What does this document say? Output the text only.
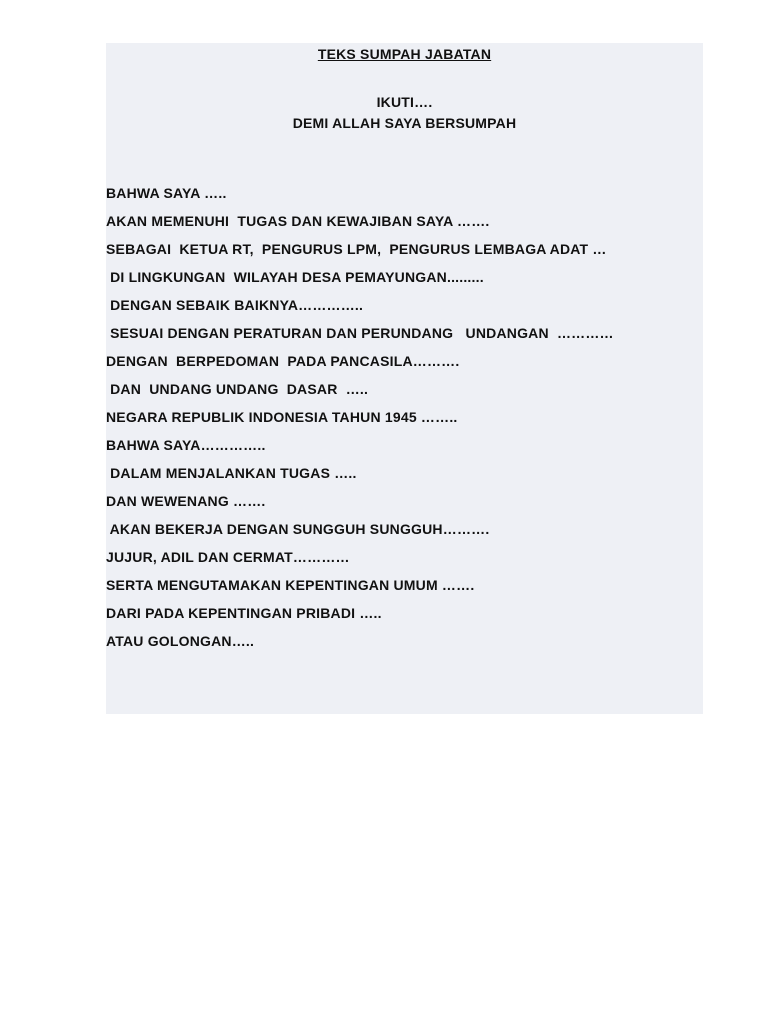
TEKS SUMPAH JABATAN
IKUTI….
DEMI ALLAH SAYA BERSUMPAH
BAHWA SAYA …..
AKAN MEMENUHI  TUGAS DAN KEWAJIBAN SAYA …….
SEBAGAI  KETUA RT,  PENGURUS LPM,  PENGURUS LEMBAGA ADAT …
DI LINGKUNGAN  WILAYAH DESA PEMAYUNGAN.........
DENGAN SEBAIK BAIKNYA…………..
SESUAI DENGAN PERATURAN DAN PERUNDANG   UNDANGAN  …………
DENGAN  BERPEDOMAN  PADA PANCASILA……….
DAN  UNDANG UNDANG  DASAR  …..
NEGARA REPUBLIK INDONESIA TAHUN 1945 ……..
BAHWA SAYA…………..
DALAM MENJALANKAN TUGAS …..
DAN WEWENANG …….
AKAN BEKERJA DENGAN SUNGGUH SUNGGUH……….
JUJUR, ADIL DAN CERMAT…………
SERTA MENGUTAMAKAN KEPENTINGAN UMUM …….
DARI PADA KEPENTINGAN PRIBADI …..
ATAU GOLONGAN…..
